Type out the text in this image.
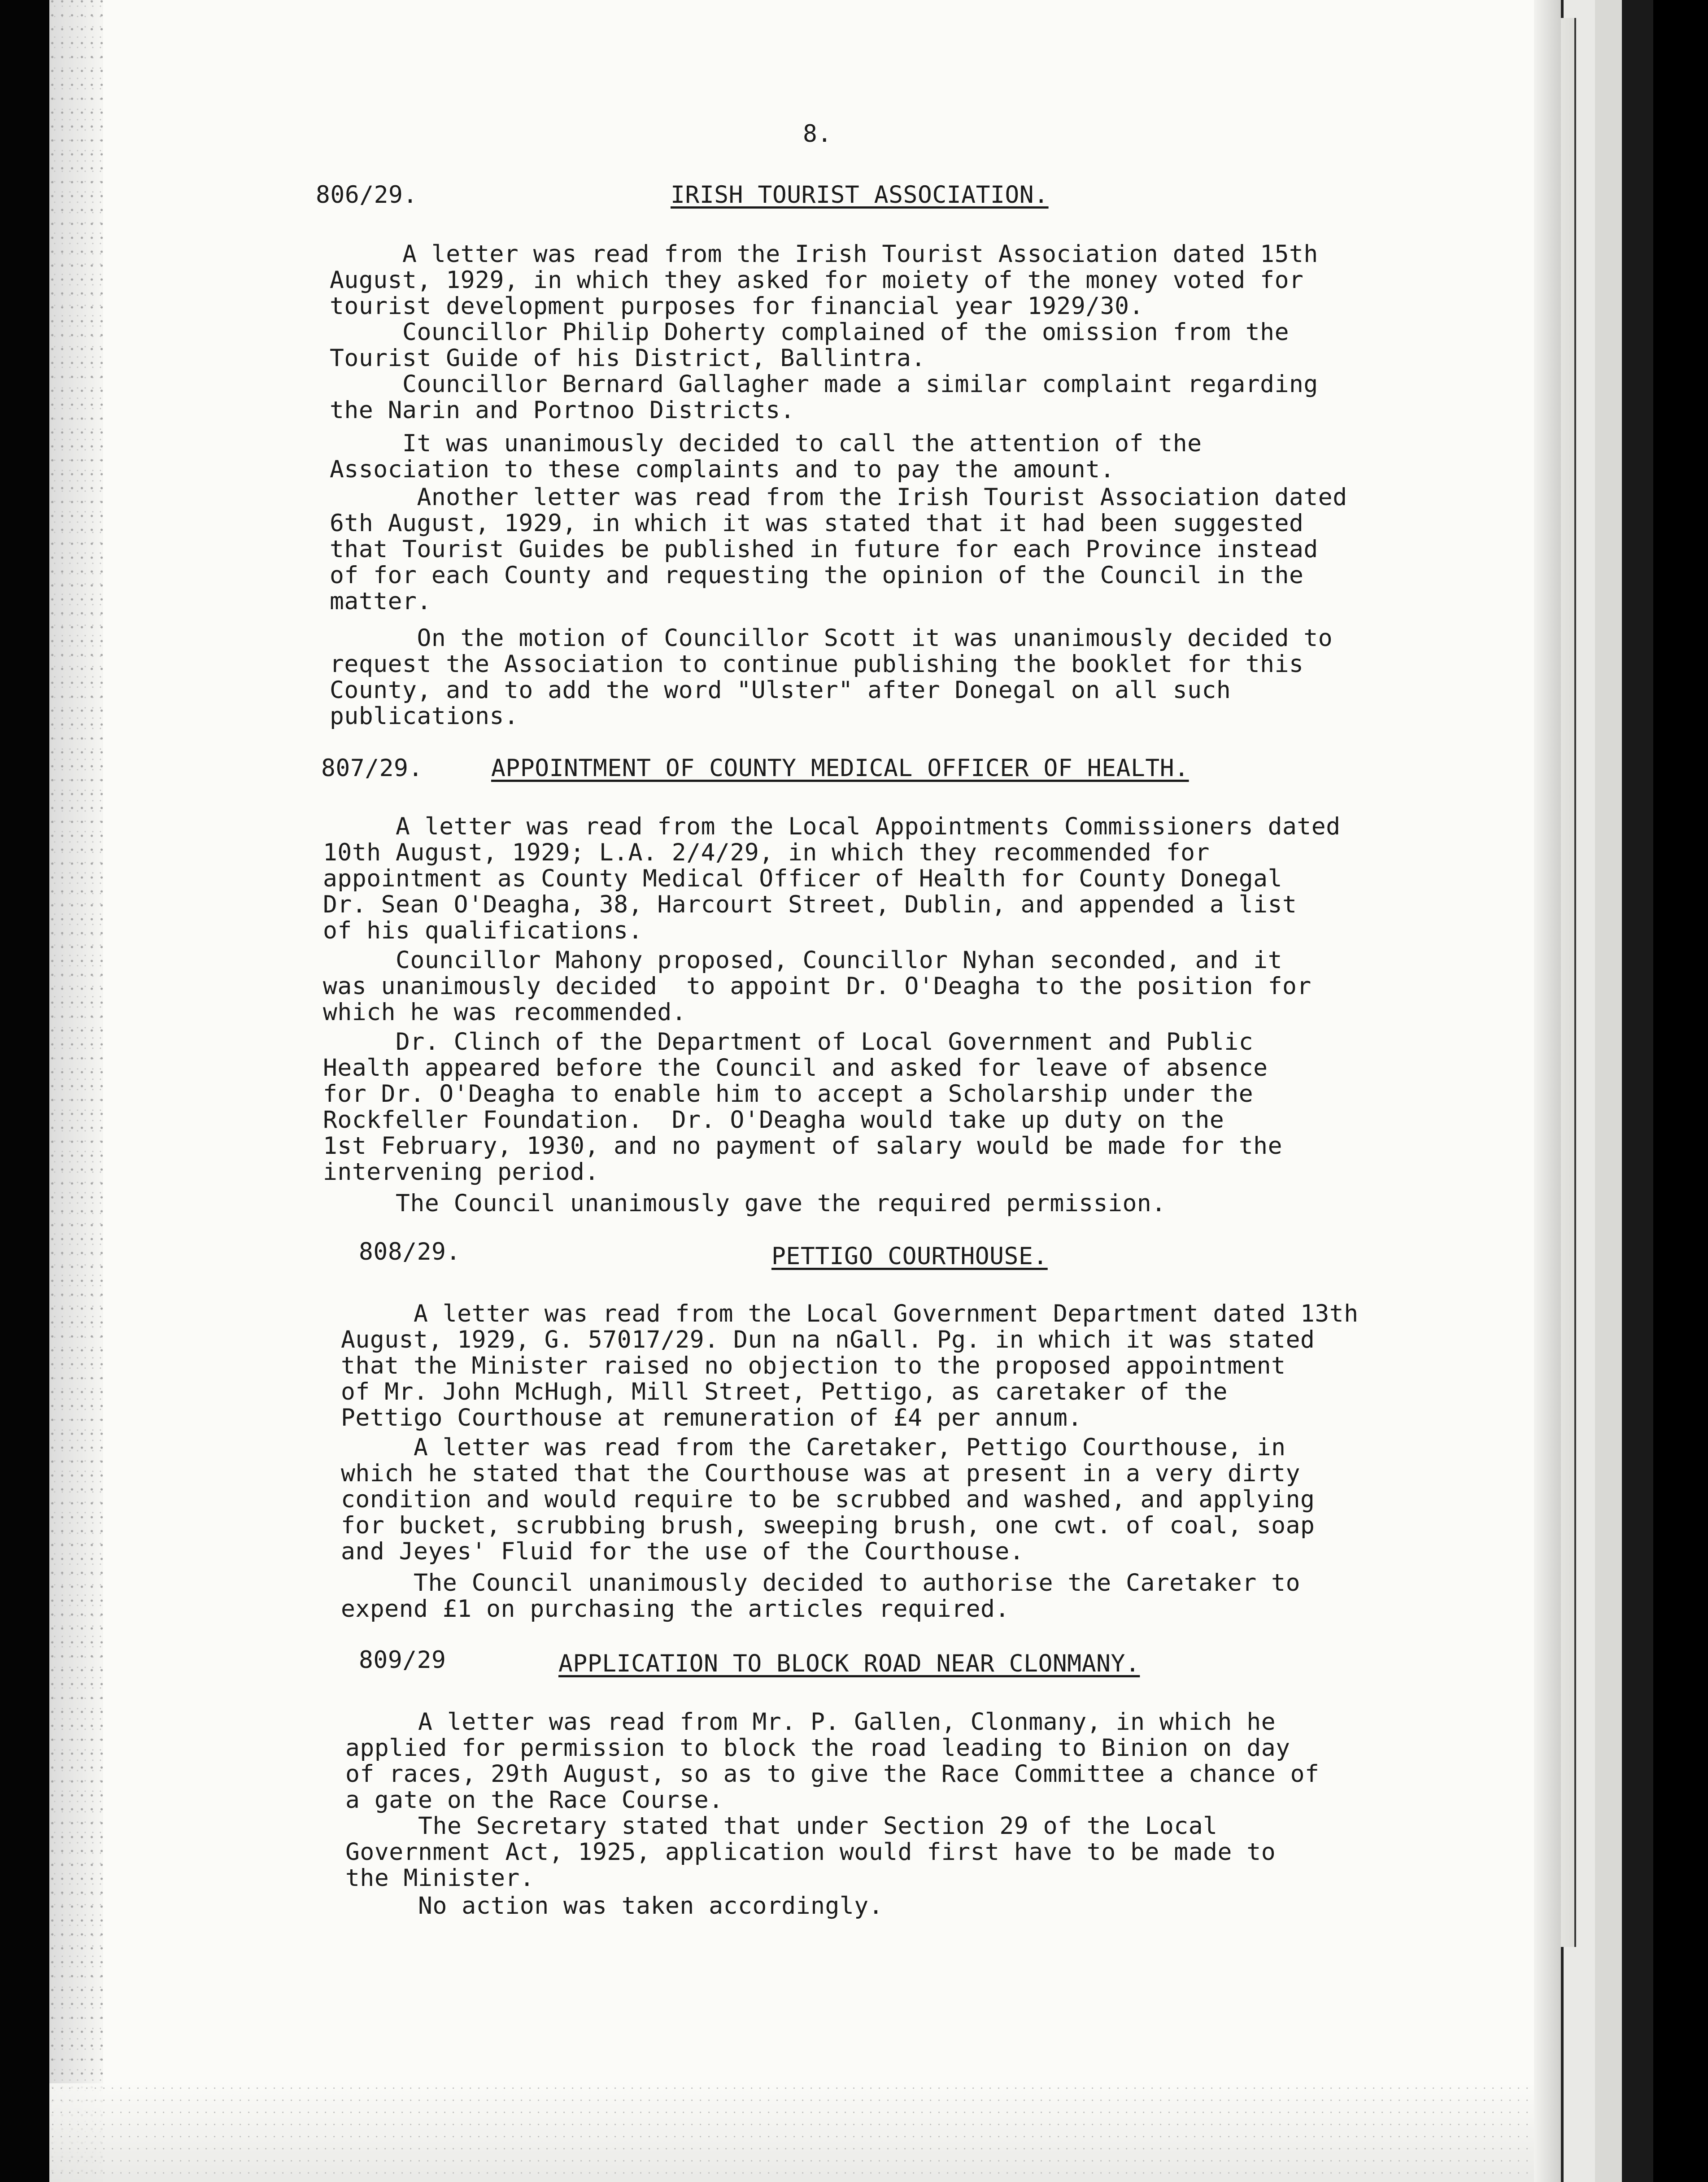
8.
806/29.	IRISH TOURIST ASSOCIATION.
A letter was read from the Irish Tourist Association dated 15th
August, 1929, in which they asked for moiety of the money voted for
tourist development purposes for financial year 1929/30.
Councillor Philip Doherty complained of the omission from the
Tourist Guide of his District, Ballintra.
Councillor Bernard Gallagher made a similar complaint regarding
the Narin and Portnoo Districts.
It was unanimously decided to call the attention of the
Association to these complaints and to pay the amount.
Another letter was read from the Irish Tourist Association dated
6th August, 1929, in which it was stated that it had been suggested
that Tourist Guides be published in future for each Province instead
of for each County and requesting the opinion of the Council in the
matter.
On the motion of Councillor Scott it was unanimously decided to
request the Association to continue publishing the booklet for this
County, and to add the word "Ulster" after Donegal on all such
publications.
807/29.	APPOINTMENT OF COUNTY MEDICAL OFFICER OF HEALTH.
A letter was read from the Local Appointments Commissioners dated
10th August, 1929; L.A. 2/4/29, in which they recommended for
appointment as County Medical Officer of Health for County Donegal
Dr. Sean O'Deagha, 38, Harcourt Street, Dublin, and appended a list
of his qualifications.
Councillor Mahony proposed, Councillor Nyhan seconded, and it
was unanimously decided  to appoint Dr. O'Deagha to the position for
which he was recommended.
Dr. Clinch of the Department of Local Government and Public
Health appeared before the Council and asked for leave of absence
for Dr. O'Deagha to enable him to accept a Scholarship under the
Rockfeller Foundation.  Dr. O'Deagha would take up duty on the
1st February, 1930, and no payment of salary would be made for the
intervening period.
The Council unanimously gave the required permission.
808/29.	PETTIGO COURTHOUSE.
A letter was read from the Local Government Department dated 13th
August, 1929, G. 57017/29. Dun na nGall. Pg. in which it was stated
that the Minister raised no objection to the proposed appointment
of Mr. John McHugh, Mill Street, Pettigo, as caretaker of the
Pettigo Courthouse at remuneration of £4 per annum.
A letter was read from the Caretaker, Pettigo Courthouse, in
which he stated that the Courthouse was at present in a very dirty
condition and would require to be scrubbed and washed, and applying
for bucket, scrubbing brush, sweeping brush, one cwt. of coal, soap
and Jeyes' Fluid for the use of the Courthouse.
The Council unanimously decided to authorise the Caretaker to
expend £1 on purchasing the articles required.
809/29	APPLICATION TO BLOCK ROAD NEAR CLONMANY.
A letter was read from Mr. P. Gallen, Clonmany, in which he
applied for permission to block the road leading to Binion on day
of races, 29th August, so as to give the Race Committee a chance of
a gate on the Race Course.
The Secretary stated that under Section 29 of the Local
Government Act, 1925, application would first have to be made to
the Minister.
No action was taken accordingly.
